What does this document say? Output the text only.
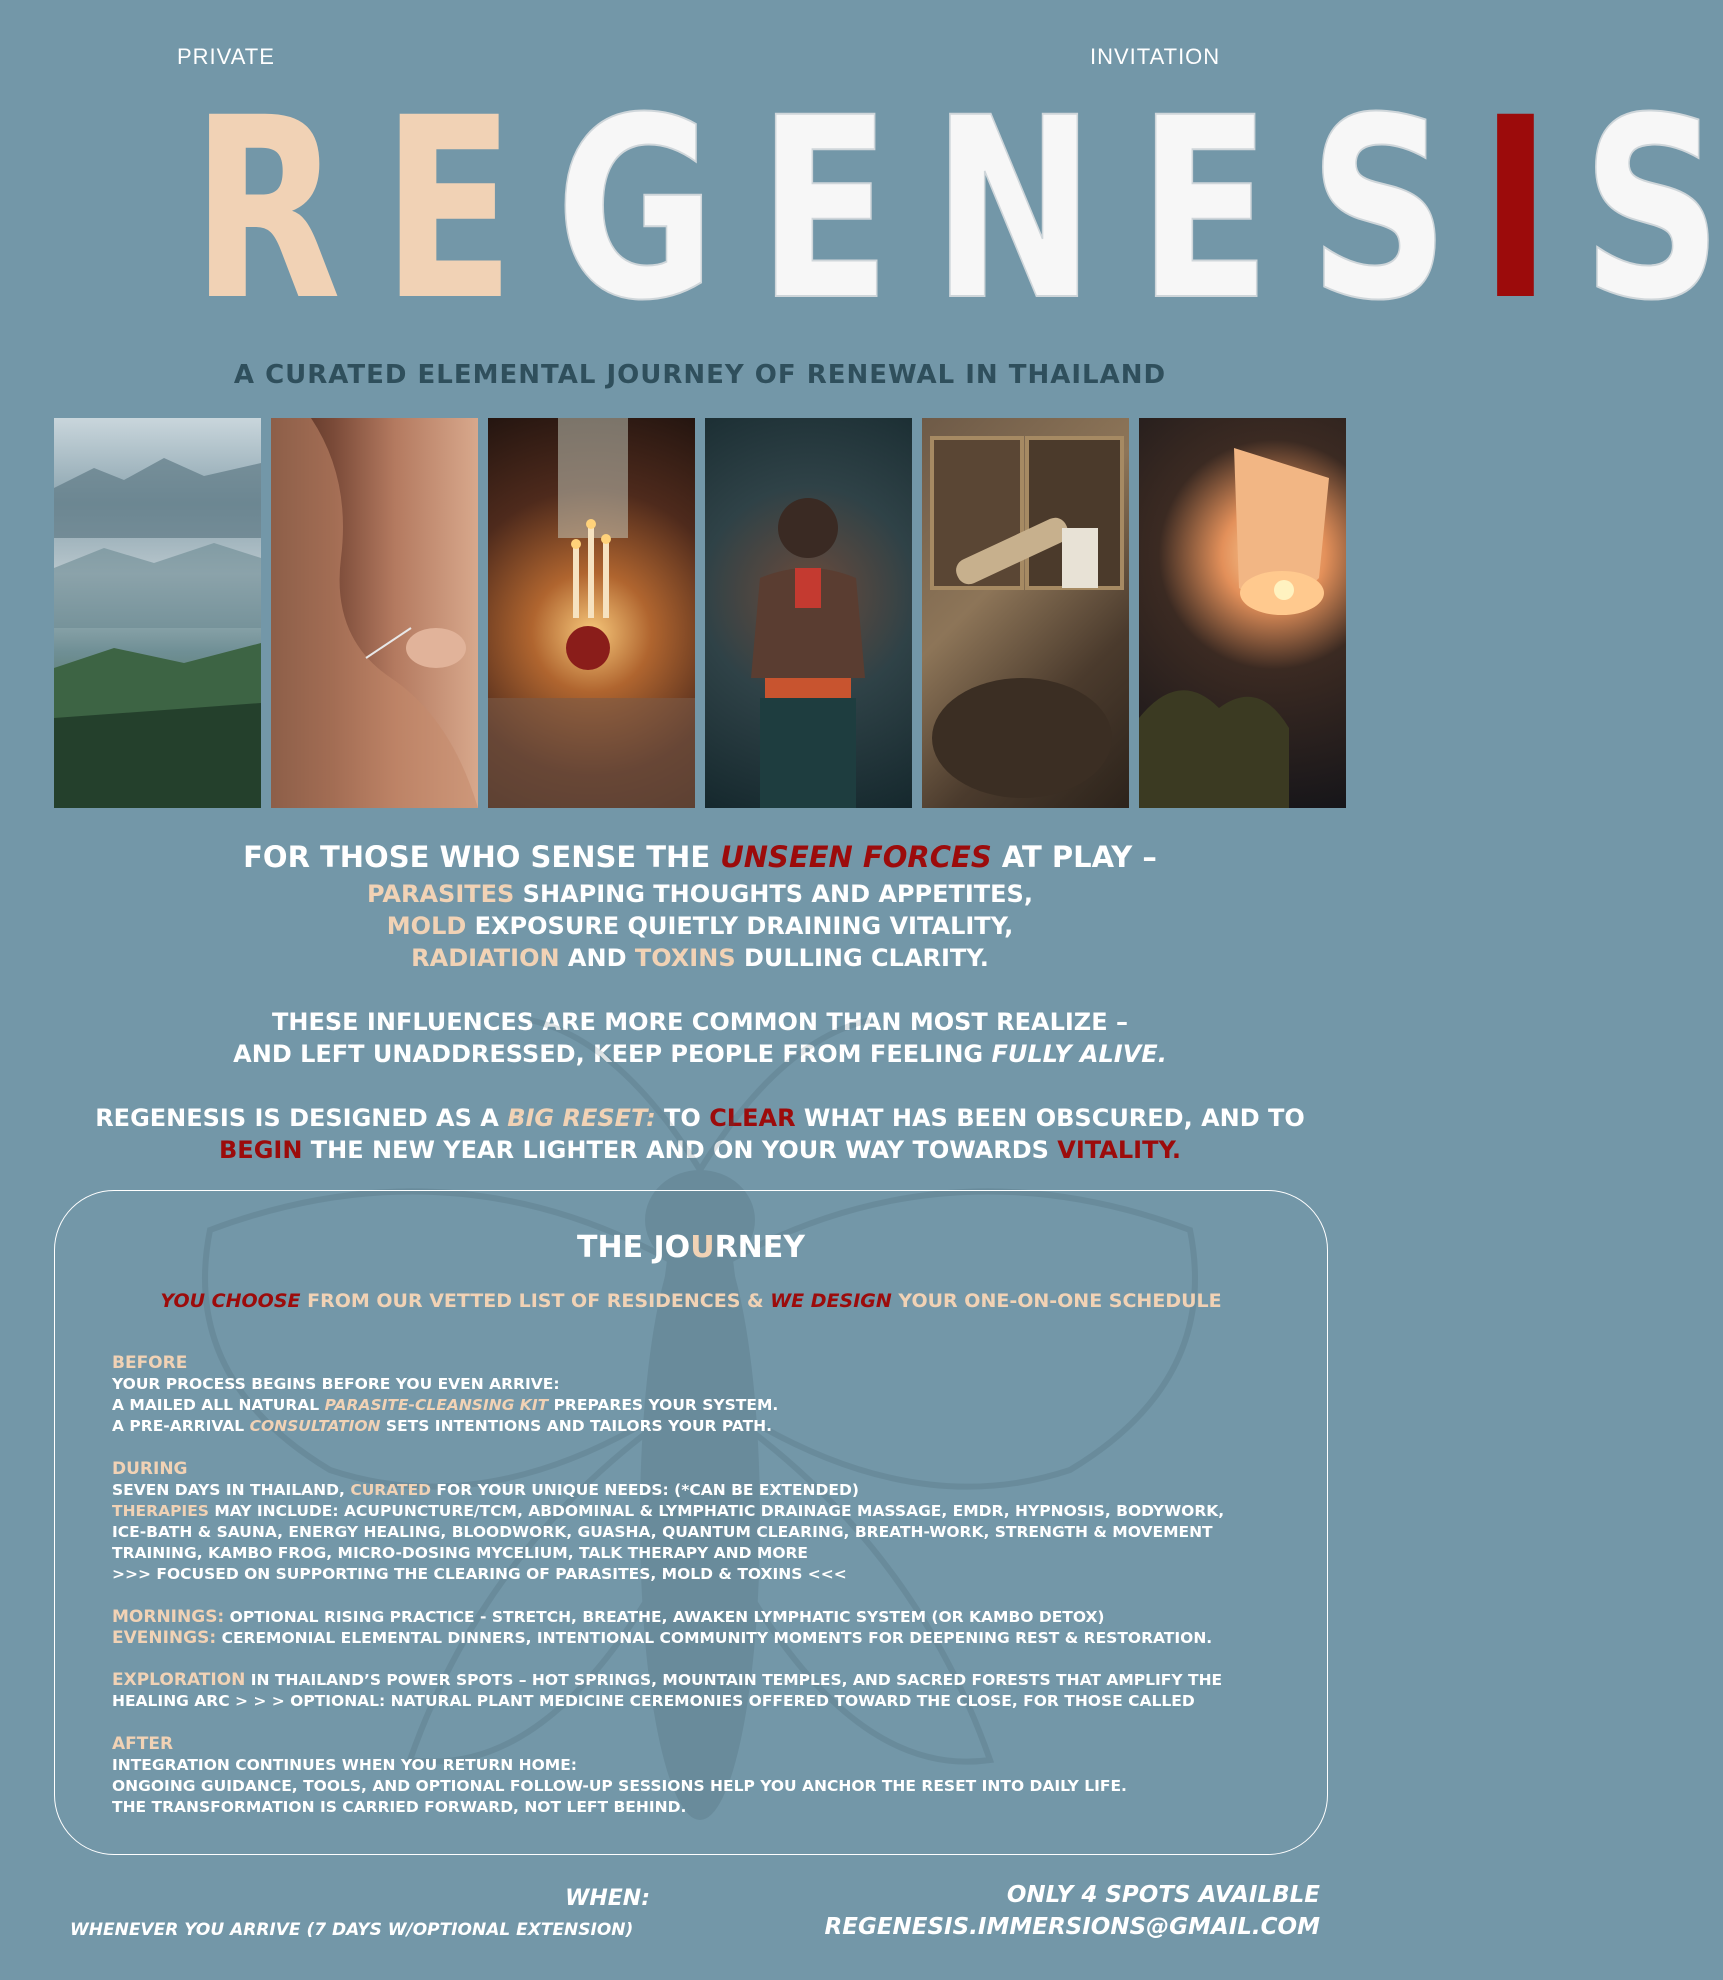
PRIVATE	INVITATION
R E G E N E S I S
A CURATED ELEMENTAL JOURNEY OF RENEWAL IN THAILAND
FOR THOSE WHO SENSE THE UNSEEN FORCES AT PLAY –
PARASITES SHAPING THOUGHTS AND APPETITES,
MOLD EXPOSURE QUIETLY DRAINING VITALITY,
RADIATION AND TOXINS DULLING CLARITY.
THESE INFLUENCES ARE MORE COMMON THAN MOST REALIZE –
AND LEFT UNADDRESSED, KEEP PEOPLE FROM FEELING FULLY ALIVE.
REGENESIS IS DESIGNED AS A BIG RESET: TO CLEAR WHAT HAS BEEN OBSCURED, AND TO
BEGIN THE NEW YEAR LIGHTER AND ON YOUR WAY TOWARDS VITALITY.
THE JOURNEY
YOU CHOOSE FROM OUR VETTED LIST OF RESIDENCES & WE DESIGN YOUR ONE-ON-ONE SCHEDULE
BEFORE
YOUR PROCESS BEGINS BEFORE YOU EVEN ARRIVE:
A MAILED ALL NATURAL PARASITE-CLEANSING KIT PREPARES YOUR SYSTEM.
A PRE-ARRIVAL CONSULTATION SETS INTENTIONS AND TAILORS YOUR PATH.
DURING
SEVEN DAYS IN THAILAND, CURATED FOR YOUR UNIQUE NEEDS: (*CAN BE EXTENDED)
THERAPIES MAY INCLUDE: ACUPUNCTURE/TCM, ABDOMINAL & LYMPHATIC DRAINAGE MASSAGE, EMDR, HYPNOSIS, BODYWORK,
ICE-BATH & SAUNA, ENERGY HEALING, BLOODWORK, GUASHA, QUANTUM CLEARING, BREATH-WORK, STRENGTH & MOVEMENT
TRAINING, KAMBO FROG, MICRO-DOSING MYCELIUM, TALK THERAPY AND MORE
>>> FOCUSED ON SUPPORTING THE CLEARING OF PARASITES, MOLD & TOXINS <<<
MORNINGS: OPTIONAL RISING PRACTICE - STRETCH, BREATHE, AWAKEN LYMPHATIC SYSTEM (OR KAMBO DETOX)
EVENINGS: CEREMONIAL ELEMENTAL DINNERS, INTENTIONAL COMMUNITY MOMENTS FOR DEEPENING REST & RESTORATION.
EXPLORATION IN THAILAND’S POWER SPOTS – HOT SPRINGS, MOUNTAIN TEMPLES, AND SACRED FORESTS THAT AMPLIFY THE
HEALING ARC > > > OPTIONAL: NATURAL PLANT MEDICINE CEREMONIES OFFERED TOWARD THE CLOSE, FOR THOSE CALLED
AFTER
INTEGRATION CONTINUES WHEN YOU RETURN HOME:
ONGOING GUIDANCE, TOOLS, AND OPTIONAL FOLLOW-UP SESSIONS HELP YOU ANCHOR THE RESET INTO DAILY LIFE.
THE TRANSFORMATION IS CARRIED FORWARD, NOT LEFT BEHIND.
WHEN:
WHENEVER YOU ARRIVE (7 DAYS W/OPTIONAL EXTENSION)
ONLY 4 SPOTS AVAILBLE
REGENESIS.IMMERSIONS@GMAIL.COM
